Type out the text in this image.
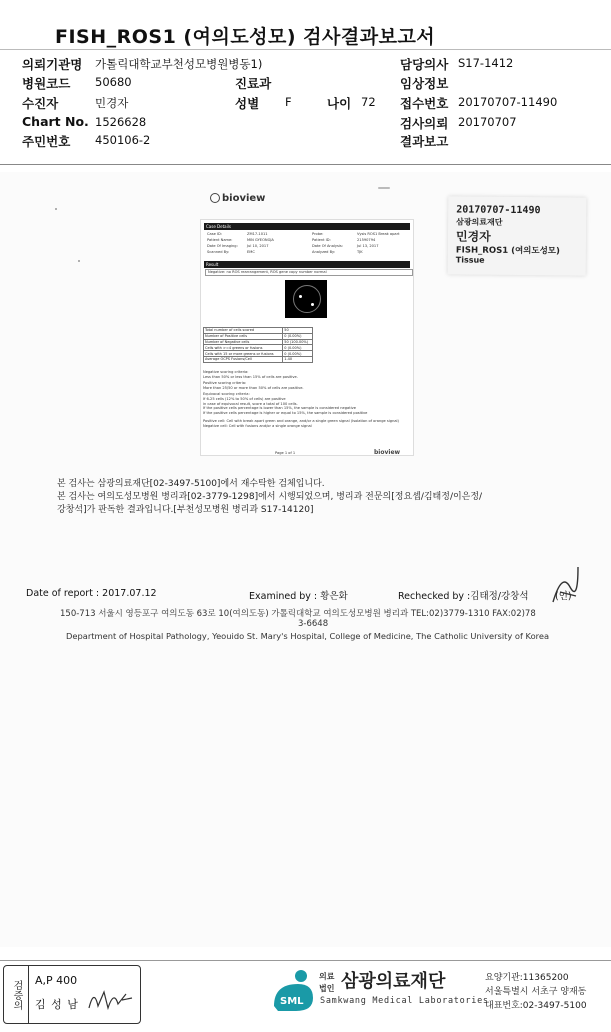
FISH_ROS1 (여의도성모) 검사결과보고서
의뢰기관명 가톨릭대학교부천성모병원병동1)
병원코드 50680	진료과
수진자	민경자	성별 F	나이 72
Chart No. 1526628
주민번호 450106-2
담당의사 S17-1412
임상정보
접수번호 20170707-11490
검사의뢰 20170707
결과보고
bioview
Case Details
Case ID:	ZM17-1011	Probe:	Vysis ROS1 Break apart
Patient Name:	MIN GYEONGJA	Patient ID:	21590794
Date Of Imaging:	Jul 10, 2017	Date Of Analysis:	Jul 13, 2017
Scanned By:	EMC	Analyzed By:	TJK
Result
Negative: no ROS rearrangement, ROS gene copy number normal
Total number of cells scored	50
Number of Positive cells	0 (0.00%)
Number of Negative cells	50 (100.00%)
Cells with >=4 greens or fusions	0 (0.00%)
Cells with 15 or more greens or fusions	0 (0.00%)
Average OCPS Fusions/Cell	1.40
Negative scoring criteria:
Less than 50% or less than 15% of cells are positive.
Positive scoring criteria:
More than 25/50 or more than 50% of cells are positive.
Equivocal scoring criteria:
If 6-25 cells (12% to 50% of cells) are positive
in case of equivocal result, score a total of 100 cells.
If the positive cells percentage is lower than 15%, the sample is considered negative
If the positive cells percentage is higher or equal to 15%, the sample is considered positive
Positive cell: Cell with break apart green and orange, and/or a single green signal (Isolation of orange signal)
Negative cell: Cell with fusions and/or a single orange signal
Page 1 of 1	bioview
20170707-11490
삼광의료재단
민경자
FISH_ROS1 (여의도성모)
Tissue
본 검사는 삼광의료재단[02-3497-5100]에서 재수탁한 검체입니다.
본 검사는 여의도성모병원 병리과[02-3779-1298]에서 시행되었으며, 병리과 전문의[정요셉/김태정/이은정/
강창석]가 판독한 결과입니다.[부천성모병원 병리과 S17-14120]
Date of report : 2017.07.12	Examined by : 황은화	Rechecked by :김태정/강창석	(인)
150-713 서울시 영등포구 여의도동 63로 10(여의도동) 가톨릭대학교 여의도성모병원 병리과 TEL:02)3779-1310 FAX:02)78
3-6648
Department of Hospital Pathology, Yeouido St. Mary's Hospital, College of Medicine, The Catholic University of Korea
검증의	A,P 400
김 성 남	SML
의료
법인 삼광의료재단
Samkwang Medical Laboratories
요양기관:11365200
서울특별시 서초구 양재동
대표번호:02-3497-5100
